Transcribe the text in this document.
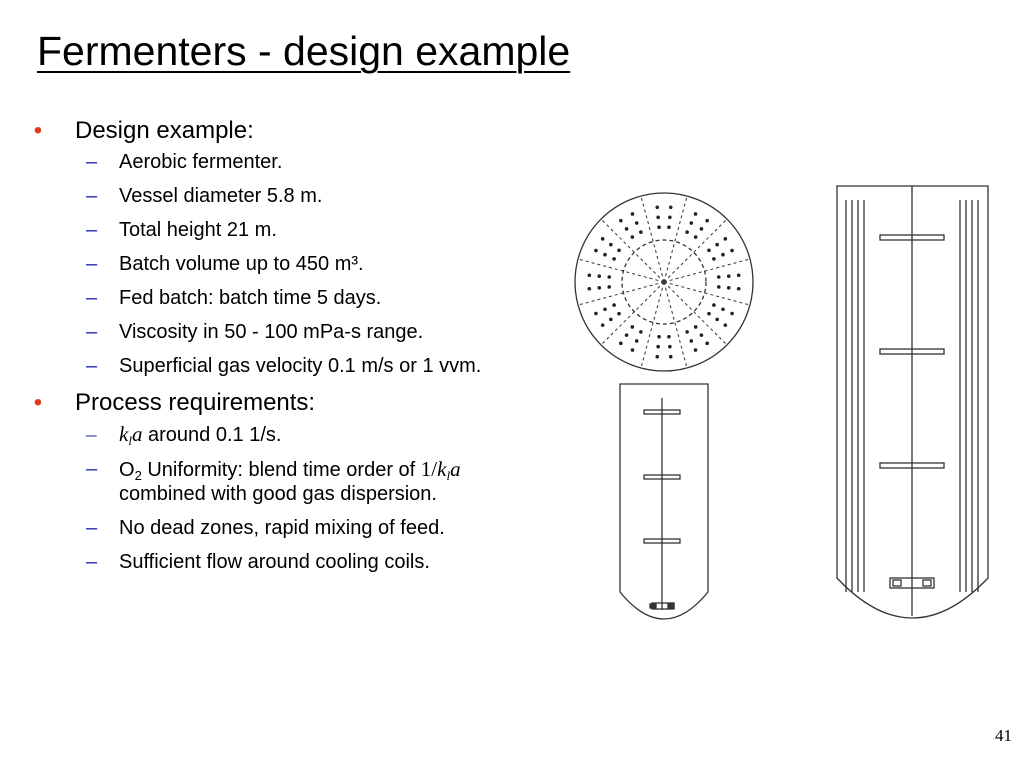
Fermenters - design example
• Design example:
– Aerobic fermenter.
– Vessel diameter 5.8 m.
– Total height 21 m.
– Batch volume up to 450 m³.
– Fed batch: batch time 5 days.
– Viscosity in 50 - 100 mPa-s range.
– Superficial gas velocity 0.1 m/s or 1 vvm.
• Process requirements:
– $k_la$ around 0.1 1/s.
– $O_2$ Uniformity: blend time order of $1/k_la$ combined with good gas dispersion.
– No dead zones, rapid mixing of feed.
– Sufficient flow around cooling coils.
41
